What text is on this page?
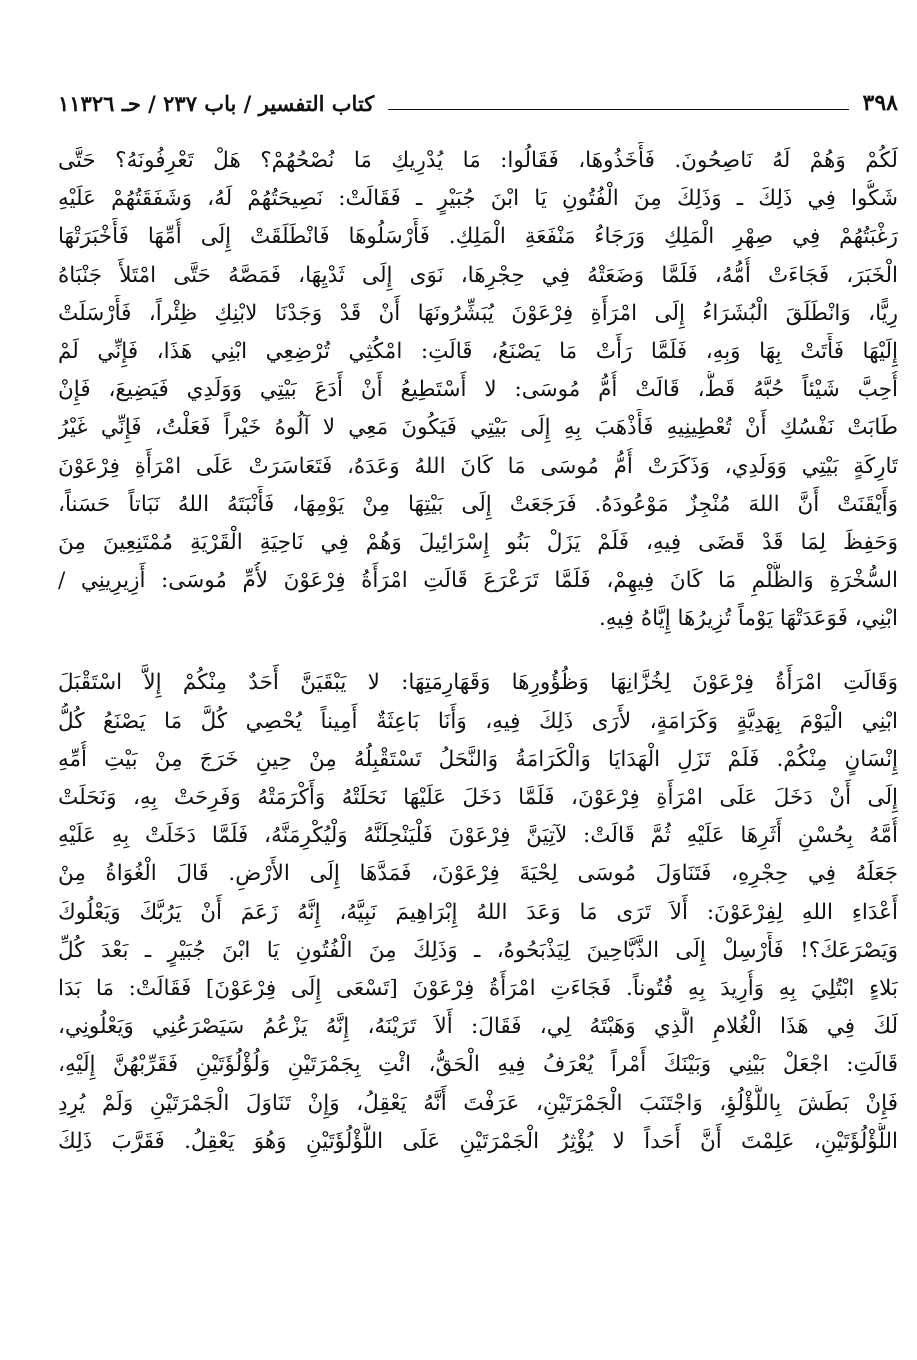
٣٩٨
كتاب التفسير / باب ٢٣٧ / حـ ١١٣٢٦
لَكُمْ وَهُمْ لَهُ نَاصِحُونَ. فَأَخَذُوهَا، فَقَالُوا: مَا يُدْرِيكِ مَا نُصْحُهُمْ؟ هَلْ تَعْرِفُونَهُ؟ حَتَّى
شَكُّوا فِي ذَلِكَ ـ وَذَلِكَ مِنَ الْفُتُونِ يَا ابْنَ جُبَيْرٍ ـ فَقَالَتْ: نَصِيحَتُهُمْ لَهُ، وَشَفَقَتُهُمْ عَلَيْهِ
رَغْبَتُهُمْ فِي صِهْرِ الْمَلِكِ وَرَجَاءُ مَنْفَعَةِ الْمَلِكِ. فَأَرْسَلُوهَا فَانْطَلَقَتْ إِلَى أُمِّهَا فَأَخْبَرَتْهَا
الْخَبَرَ، فَجَاءَتْ أُمُّهُ، فَلَمَّا وَضَعَتْهُ فِي حِجْرِهَا، نَوَى إِلَى ثَدْيِهَا، فَمَصَّهُ حَتَّى امْتَلأَ جَنْبَاهُ
رِيًّا، وَانْطَلَقَ الْبُشَرَاءُ إِلَى امْرَأَةِ فِرْعَوْنَ يُبَشِّرُونَهَا أَنْ قَدْ وَجَدْنَا لابْنِكِ ظِئْراً، فَأَرْسَلَتْ
إِلَيْهَا فَأَتَتْ بِهَا وَبِهِ، فَلَمَّا رَأَتْ مَا يَصْنَعُ، قَالَتِ: امْكُثِي تُرْضِعِي ابْنِي هَذَا، فَإِنِّي لَمْ
أُحِبَّ شَيْئاً حُبَّهُ قَطُّ، قَالَتْ أُمُّ مُوسَى: لا أَسْتَطِيعُ أَنْ أَدَعَ بَيْتِي وَوَلَدِي فَيَضِيعَ، فَإِنْ
طَابَتْ نَفْسُكِ أَنْ تُعْطِينِيهِ فَأَذْهَبَ بِهِ إِلَى بَيْتِي فَيَكُونَ مَعِي لا آلُوهُ خَيْراً فَعَلْتُ، فَإِنِّي غَيْرُ
تَارِكَةٍ بَيْتِي وَوَلَدِي، وَذَكَرَتْ أُمُّ مُوسَى مَا كَانَ اللهُ وَعَدَهُ، فَتَعَاسَرَتْ عَلَى امْرَأَةِ فِرْعَوْنَ
وَأَيْقَنَتْ أَنَّ اللهَ مُنْجِزٌ مَوْعُودَهُ. فَرَجَعَتْ إِلَى بَيْتِهَا مِنْ يَوْمِهَا، فَأَنْبَتَهُ اللهُ نَبَاتاً حَسَناً،
وَحَفِظَ لِمَا قَدْ قَضَى فِيهِ، فَلَمْ يَزَلْ بَنُو إِسْرَائِيلَ وَهُمْ فِي نَاحِيَةِ الْقَرْيَةِ مُمْتَنِعِينَ مِنَ
السُّخْرَةِ وَالظُّلْمِ مَا كَانَ فِيهِمْ، فَلَمَّا تَرَعْرَعَ قَالَتِ امْرَأَةُ فِرْعَوْنَ لأُمِّ مُوسَى: أَزِيرِينِي /
ابْنِي، فَوَعَدَتْهَا يَوْماً تُزِيرُهَا إِيَّاهُ فِيهِ.
وَقَالَتِ امْرَأَةُ فِرْعَوْنَ لِخُزَّانِهَا وَظُؤُورِهَا وَقَهَارِمَتِهَا: لا يَبْقَيَنَّ أَحَدٌ مِنْكُمْ إِلاَّ اسْتَقْبَلَ
ابْنِي الْيَوْمَ بِهَدِيَّةٍ وَكَرَامَةٍ، لأَرَى ذَلِكَ فِيهِ، وَأَنَا بَاعِثَةٌ أَمِيناً يُحْصِي كُلَّ مَا يَصْنَعُ كُلُّ
إِنْسَانٍ مِنْكُمْ. فَلَمْ تَزَلِ الْهَدَايَا وَالْكَرَامَةُ وَالنَّحَلُ تَسْتَقْبِلُهُ مِنْ حِينِ خَرَجَ مِنْ بَيْتِ أُمِّهِ
إِلَى أَنْ دَخَلَ عَلَى امْرَأَةِ فِرْعَوْنَ، فَلَمَّا دَخَلَ عَلَيْهَا نَحَلَتْهُ وَأَكْرَمَتْهُ وَفَرِحَتْ بِهِ، وَنَحَلَتْ
أُمَّهُ بِحُسْنِ أَثَرِهَا عَلَيْهِ ثُمَّ قَالَتْ: لآتِيَنَّ فِرْعَوْنَ فَلْيَنْحِلَنَّهُ وَلْيُكْرِمَنَّهُ، فَلَمَّا دَخَلَتْ بِهِ عَلَيْهِ
جَعَلَهُ فِي حِجْرِهِ، فَتَنَاوَلَ مُوسَى لِحْيَةَ فِرْعَوْنَ، فَمَدَّهَا إِلَى الأَرْضِ. قَالَ الْغُوَاةُ مِنْ
أَعْدَاءِ اللهِ لِفِرْعَوْنَ: أَلاَ تَرَى مَا وَعَدَ اللهُ إِبْرَاهِيمَ نَبِيَّهُ، إِنَّهُ زَعَمَ أَنْ يَرُبَّكَ وَيَعْلُوكَ
وَيَصْرَعَكَ؟! فَأَرْسِلْ إِلَى الذَّبَّاحِينَ لِيَذْبَحُوهُ، ـ وَذَلِكَ مِنَ الْفُتُونِ يَا ابْنَ جُبَيْرٍ ـ بَعْدَ كُلِّ
بَلاءٍ ابْتُلِيَ بِهِ وَأُرِيدَ بِهِ فُتُوناً. فَجَاءَتِ امْرَأَةُ فِرْعَوْنَ [تَسْعَى إِلَى فِرْعَوْنَ] فَقَالَتْ: مَا بَدَا
لَكَ فِي هَذَا الْغُلامِ الَّذِي وَهَبْتَهُ لِي، فَقَالَ: أَلاَ تَرَيْنَهُ، إِنَّهُ يَزْعُمُ سَيَصْرَعُنِي وَيَعْلُونِي،
قَالَتِ: اجْعَلْ بَيْنِي وَبَيْنَكَ أَمْراً يُعْرَفُ فِيهِ الْحَقُّ، ائْتِ بِجَمْرَتَيْنِ وَلُؤْلُؤَتَيْنِ فَقَرِّبْهُنَّ إِلَيْهِ،
فَإِنْ بَطَشَ بِاللُّؤْلُؤِ، وَاجْتَنَبَ الْجَمْرَتَيْنِ، عَرَفْتَ أَنَّهُ يَعْقِلُ، وَإِنْ تَنَاوَلَ الْجَمْرَتَيْنِ وَلَمْ يُرِدِ
اللُّؤْلُؤَتَيْنِ، عَلِمْتَ أَنَّ أَحَداً لا يُؤْثِرُ الْجَمْرَتَيْنِ عَلَى اللُّؤْلُؤَتَيْنِ وَهُوَ يَعْقِلُ. فَقَرَّبَ ذَلِكَ
